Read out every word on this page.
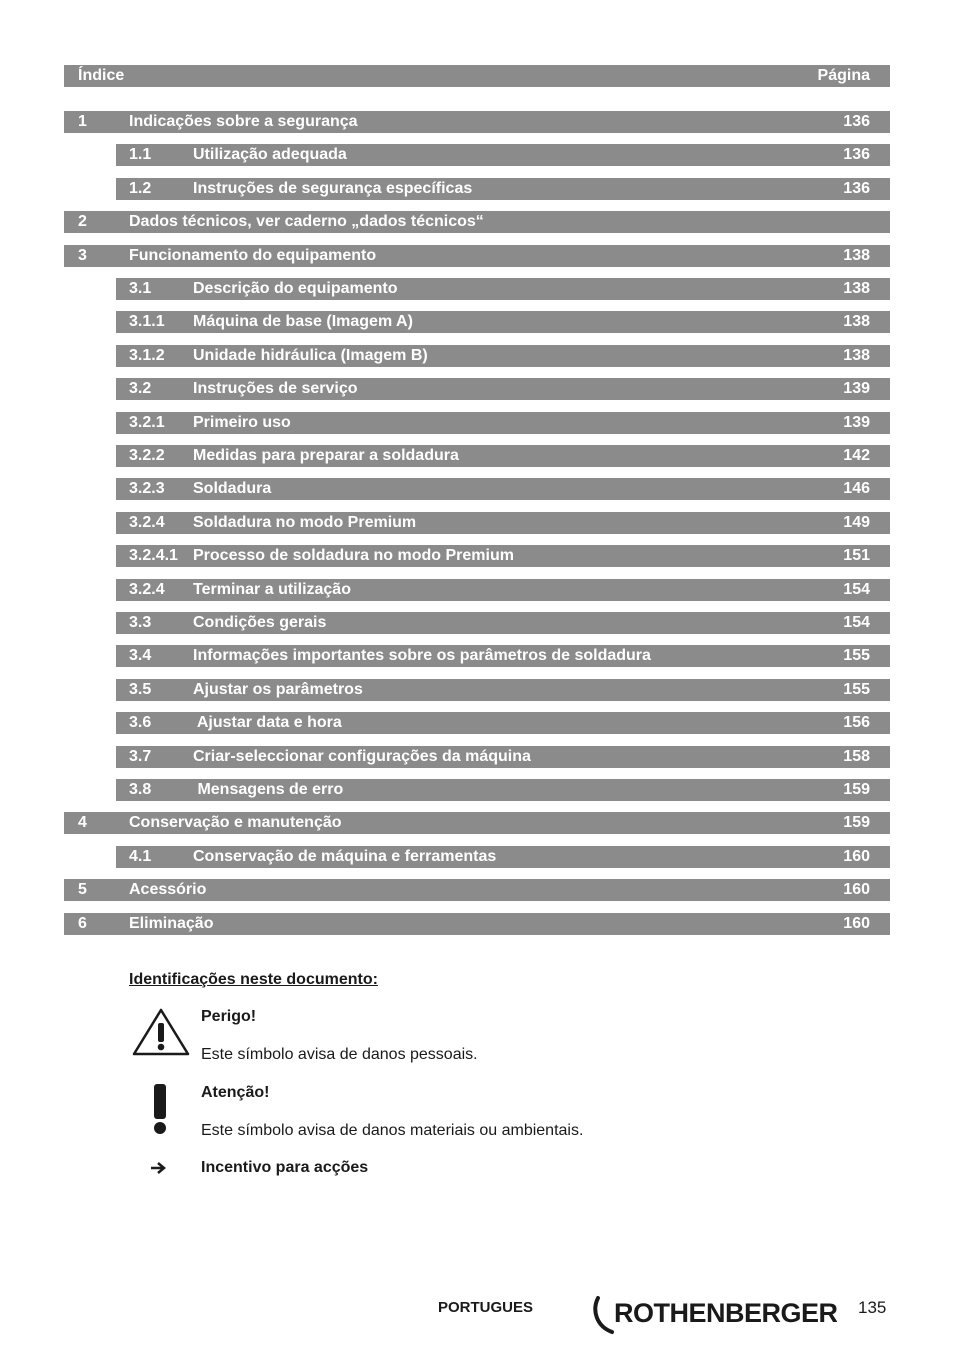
Índice	Página
1	Indicações sobre a segurança	136
1.1	Utilização adequada	136
1.2	Instruções de segurança específicas	136
2	Dados técnicos, ver caderno „dados técnicos“
3	Funcionamento do equipamento	138
3.1	Descrição do equipamento	138
3.1.1 Máquina de base (Imagem A)	138
3.1.2 Unidade hidráulica (Imagem B)	138
3.2	Instruções de serviço	139
3.2.1 Primeiro uso	139
3.2.2 Medidas para preparar a soldadura	142
3.2.3 Soldadura	146
3.2.4 Soldadura no modo Premium	149
3.2.4.1 Processo de soldadura no modo Premium	151
3.2.4 Terminar a utilização	154
3.3	Condições gerais	154
3.4	Informações importantes sobre os parâmetros de soldadura	155
3.5	Ajustar os parâmetros	155
3.6	Ajustar data e hora	156
3.7	Criar-seleccionar configurações da máquina	158
3.8	Mensagens de erro	159
4	Conservação e manutenção	159
4.1	Conservação de máquina e ferramentas	160
5	Acessório	160
6	Eliminação	160
Identificações neste documento:
Perigo!
Este símbolo avisa de danos pessoais.
Atenção!
Este símbolo avisa de danos materiais ou ambientais.
Incentivo para acções
PORTUGUES	ROTHENBERGER 135
